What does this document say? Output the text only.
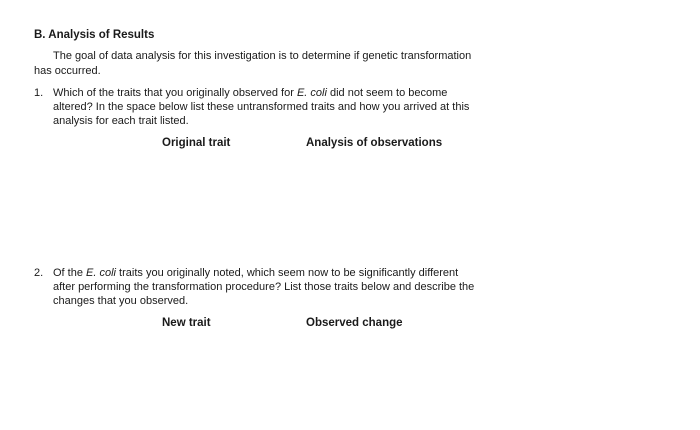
B. Analysis of Results
The goal of data analysis for this investigation is to determine if genetic transformation
has occurred.
1. Which of the traits that you originally observed for E. coli did not seem to become
altered? In the space below list these untransformed traits and how you arrived at this
analysis for each trait listed.
Original trait	Analysis of observations
2. Of the E. coli traits you originally noted, which seem now to be significantly different
after performing the transformation procedure? List those traits below and describe the
changes that you observed.
New trait	Observed change
